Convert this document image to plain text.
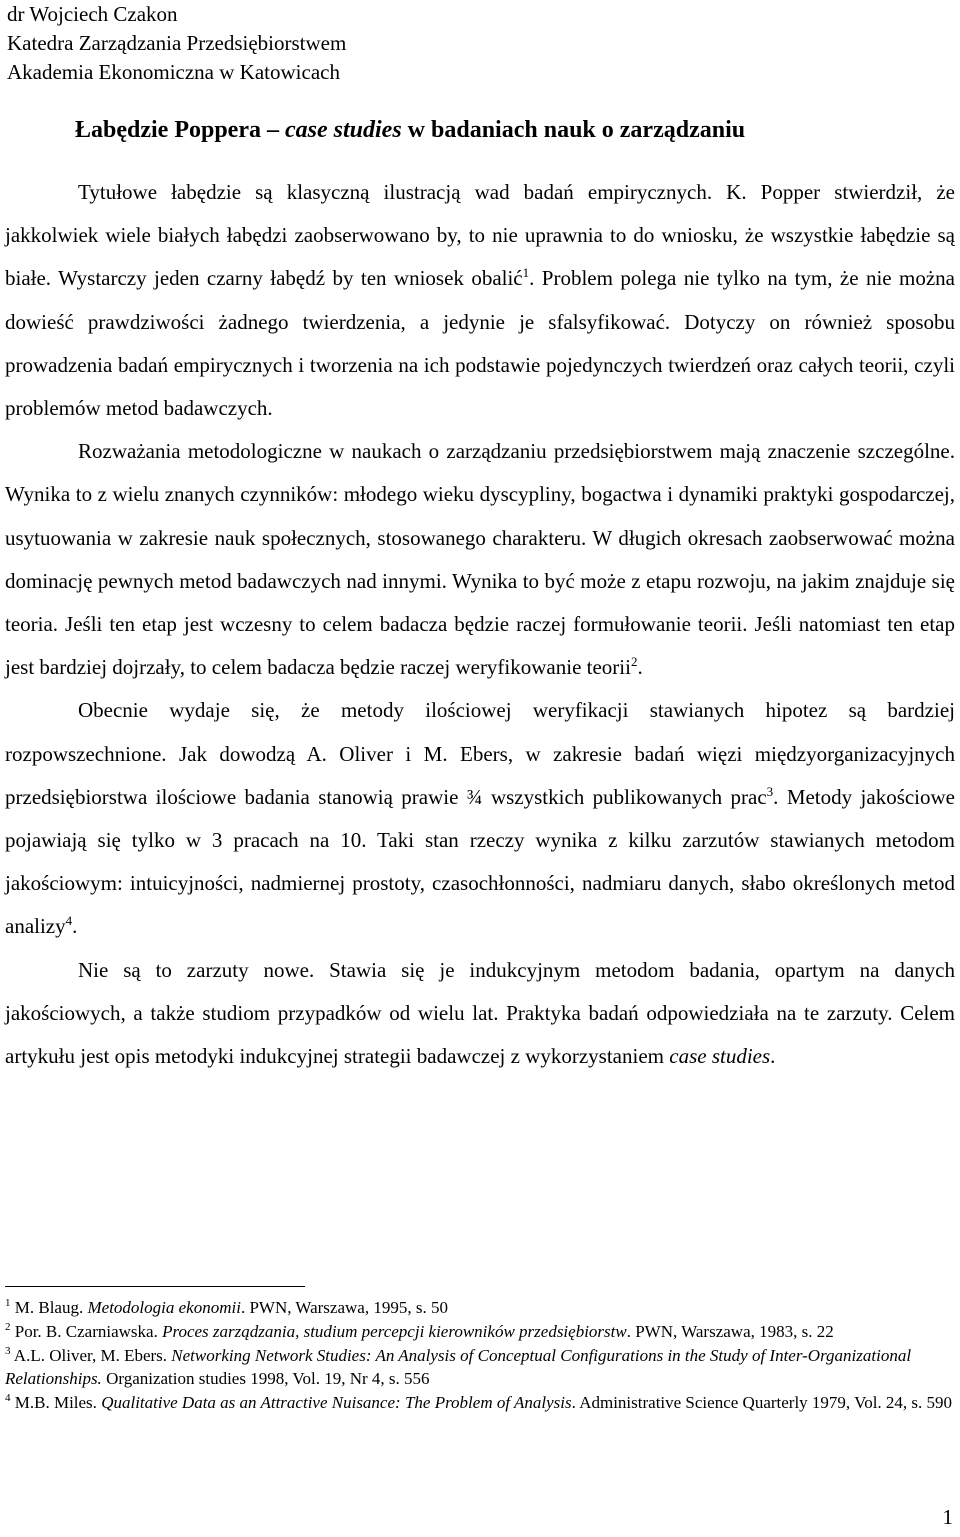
dr Wojciech Czakon
Katedra Zarządzania Przedsiębiorstwem
Akademia Ekonomiczna w Katowicach
Łabędzie Poppera – case studies w badaniach nauk o zarządzaniu

Tytułowe łabędzie są klasyczną ilustracją wad badań empirycznych. K. Popper stwierdził, że jakkolwiek wiele białych łabędzi zaobserwowano by, to nie uprawnia to do wniosku, że wszystkie łabędzie są białe. Wystarczy jeden czarny łabędź by ten wniosek obalić$^1$. Problem polega nie tylko na tym, że nie można dowieść prawdziwości żadnego twierdzenia, a jedynie je sfalsyfikować. Dotyczy on również sposobu prowadzenia badań empirycznych i tworzenia na ich podstawie pojedynczych twierdzeń oraz całych teorii, czyli problemów metod badawczych.

Rozważania metodologiczne w naukach o zarządzaniu przedsiębiorstwem mają znaczenie szczególne. Wynika to z wielu znanych czynników: młodego wieku dyscypliny, bogactwa i dynamiki praktyki gospodarczej, usytuowania w zakresie nauk społecznych, stosowanego charakteru. W długich okresach zaobserwować można dominację pewnych metod badawczych nad innymi. Wynika to być może z etapu rozwoju, na jakim znajduje się teoria. Jeśli ten etap jest wczesny to celem badacza będzie raczej formułowanie teorii. Jeśli natomiast ten etap jest bardziej dojrzały, to celem badacza będzie raczej weryfikowanie teorii$^2$.

Obecnie wydaje się, że metody ilościowej weryfikacji stawianych hipotez są bardziej rozpowszechnione. Jak dowodzą A. Oliver i M. Ebers, w zakresie badań więzi międzyorganizacyjnych przedsiębiorstwa ilościowe badania stanowią prawie ¾ wszystkich publikowanych prac$^3$. Metody jakościowe pojawiają się tylko w 3 pracach na 10. Taki stan rzeczy wynika z kilku zarzutów stawianych metodom jakościowym: intuicyjności, nadmiernej prostoty, czasochłonności, nadmiaru danych, słabo określonych metod analizy$^4$.

Nie są to zarzuty nowe. Stawia się je indukcyjnym metodom badania, opartym na danych jakościowych, a także studiom przypadków od wielu lat. Praktyka badań odpowiedziała na te zarzuty. Celem artykułu jest opis metodyki indukcyjnej strategii badawczej z wykorzystaniem case studies.

$^1$ M. Blaug. Metodologia ekonomii. PWN, Warszawa, 1995, s. 50
$^2$ Por. B. Czarniawska. Proces zarządzania, studium percepcji kierowników przedsiębiorstw. PWN, Warszawa, 1983, s. 22
$^3$ A.L. Oliver, M. Ebers. Networking Network Studies: An Analysis of Conceptual Configurations in the Study of Inter-Organizational Relationships. Organization studies 1998, Vol. 19, Nr 4, s. 556
$^4$ M.B. Miles. Qualitative Data as an Attractive Nuisance: The Problem of Analysis. Administrative Science Quarterly 1979, Vol. 24, s. 590
1
